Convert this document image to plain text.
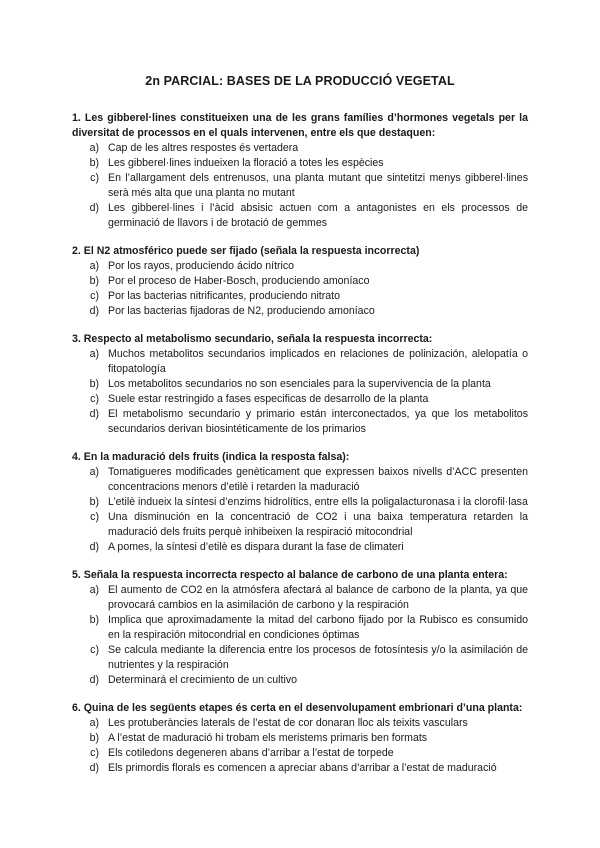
2n PARCIAL: BASES DE LA PRODUCCIÓ VEGETAL

1. Les gibberel·lines constitueixen una de les grans famílies d’hormones vegetals per la diversitat de processos en el quals intervenen, entre els que destaquen:

a) Cap de les altres respostes és vertadera
b) Les gibberel·lines indueixen la floració a totes les espècies
c) En l’allargament dels entrenusos, una planta mutant que sintetitzi menys gibberel·lines serà més alta que una planta no mutant
d) Les gibberel·lines i l’àcid absisic actuen com a antagonistes en els processos de germinació de llavors i de brotació de gemmes

2. El N2 atmosférico puede ser fijado (señala la respuesta incorrecta)

a) Por los rayos, produciendo ácido nítrico
b) Por el proceso de Haber-Bosch, produciendo amoníaco
c) Por las bacterias nitrificantes, produciendo nitrato
d) Por las bacterias fijadoras de N2, produciendo amoníaco

3. Respecto al metabolismo secundario, señala la respuesta incorrecta:

a) Muchos metabolitos secundarios implicados en relaciones de polinización, alelopatía o fitopatología
b) Los metabolitos secundarios no son esenciales para la supervivencia de la planta
c) Suele estar restringido a fases especificas de desarrollo de la planta
d) El metabolismo secundario y primario están interconectados, ya que los metabolitos secundarios derivan biosintéticamente de los primarios

4. En la maduració dels fruits (indica la resposta falsa):

a) Tomatigueres modificades genèticament que expressen baixos nivells d’ACC presenten concentracions menors d’etilè i retarden la maduració
b) L’etilè indueix la síntesi d’enzims hidrolítics, entre ells la poligalacturonasa i la clorofil·lasa
c) Una disminución en la concentració de CO2 i una baixa temperatura retarden la maduració dels fruits perquè inhibeixen la respiració mitocondrial
d) A pomes, la síntesi d’etilè es dispara durant la fase de climateri

5. Señala la respuesta incorrecta respecto al balance de carbono de una planta entera:

a) El aumento de CO2 en la atmósfera afectará al balance de carbono de la planta, ya que provocará cambios en la asimilación de carbono y la respiración
b) Implica que aproximadamente la mitad del carbono fijado por la Rubisco es consumido en la respiración mitocondrial en condiciones óptimas
c) Se calcula mediante la diferencia entre los procesos de fotosíntesis y/o la asimilación de nutrientes y la respiración
d) Determinará el crecimiento de un cultivo

6. Quina de les següents etapes és certa en el desenvolupament embrionari d’una planta:

a) Les protuberàncies laterals de l’estat de cor donaran lloc als teixits vasculars
b) A l’estat de maduració hi trobam els meristems primaris ben formats
c) Els cotiledons degeneren abans d’arribar a l’estat de torpede
d) Els primordis florals es comencen a apreciar abans d’arribar a l’estat de maduració
